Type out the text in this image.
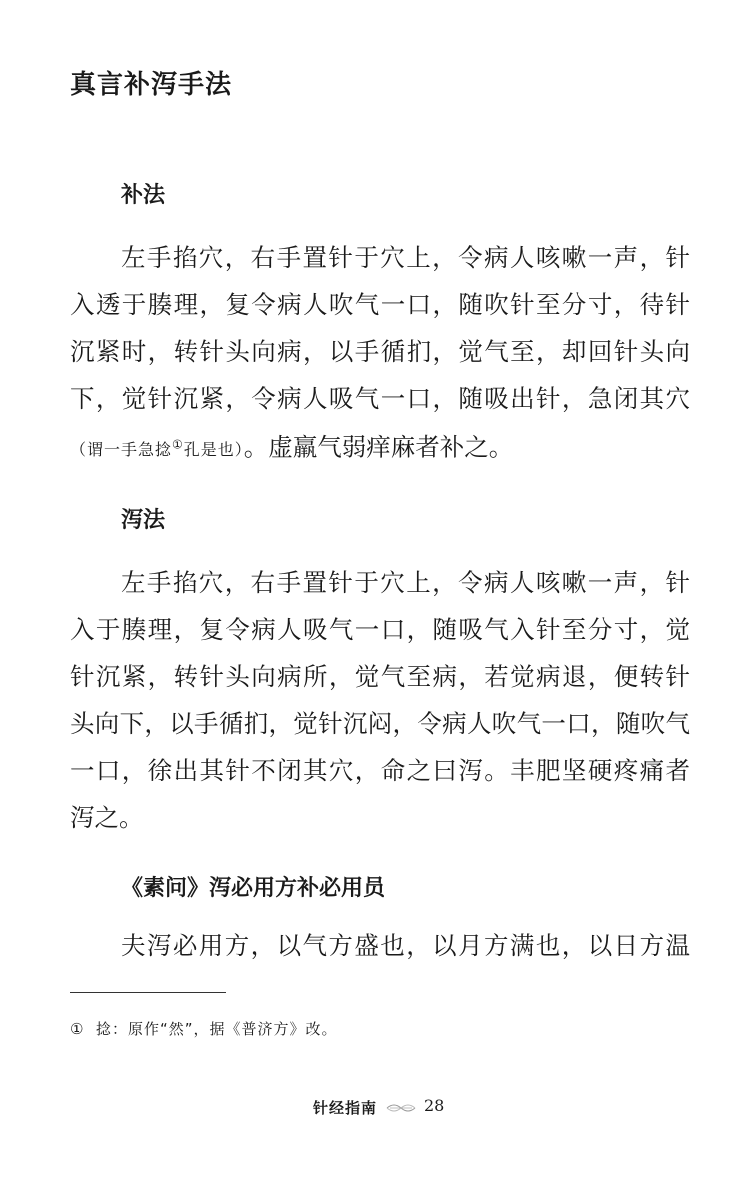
真言补泻手法
补法
左手掐穴，右手置针于穴上，令病人咳嗽一声，针
入透于腠理，复令病人吹气一口，随吹针至分寸，待针
沉紧时，转针头向病，以手循扪，觉气至，却回针头向
下，觉针沉紧，令病人吸气一口，随吸出针，急闭其穴
（谓一手急捻①孔是也）。虚羸气弱痒麻者补之。
泻法
左手掐穴，右手置针于穴上，令病人咳嗽一声，针
入于腠理，复令病人吸气一口，随吸气入针至分寸，觉
针沉紧，转针头向病所，觉气至病，若觉病退，便转针
头向下，以手循扪，觉针沉闷，令病人吹气一口，随吹气
一口，徐出其针不闭其穴，命之曰泻。丰肥坚硬疼痛者
泻之。
《素问》泻必用方补必用员
夫泻必用方，以气方盛也，以月方满也，以日方温
① 捻：原作“然”，据《普济方》改。
针经指南	28
